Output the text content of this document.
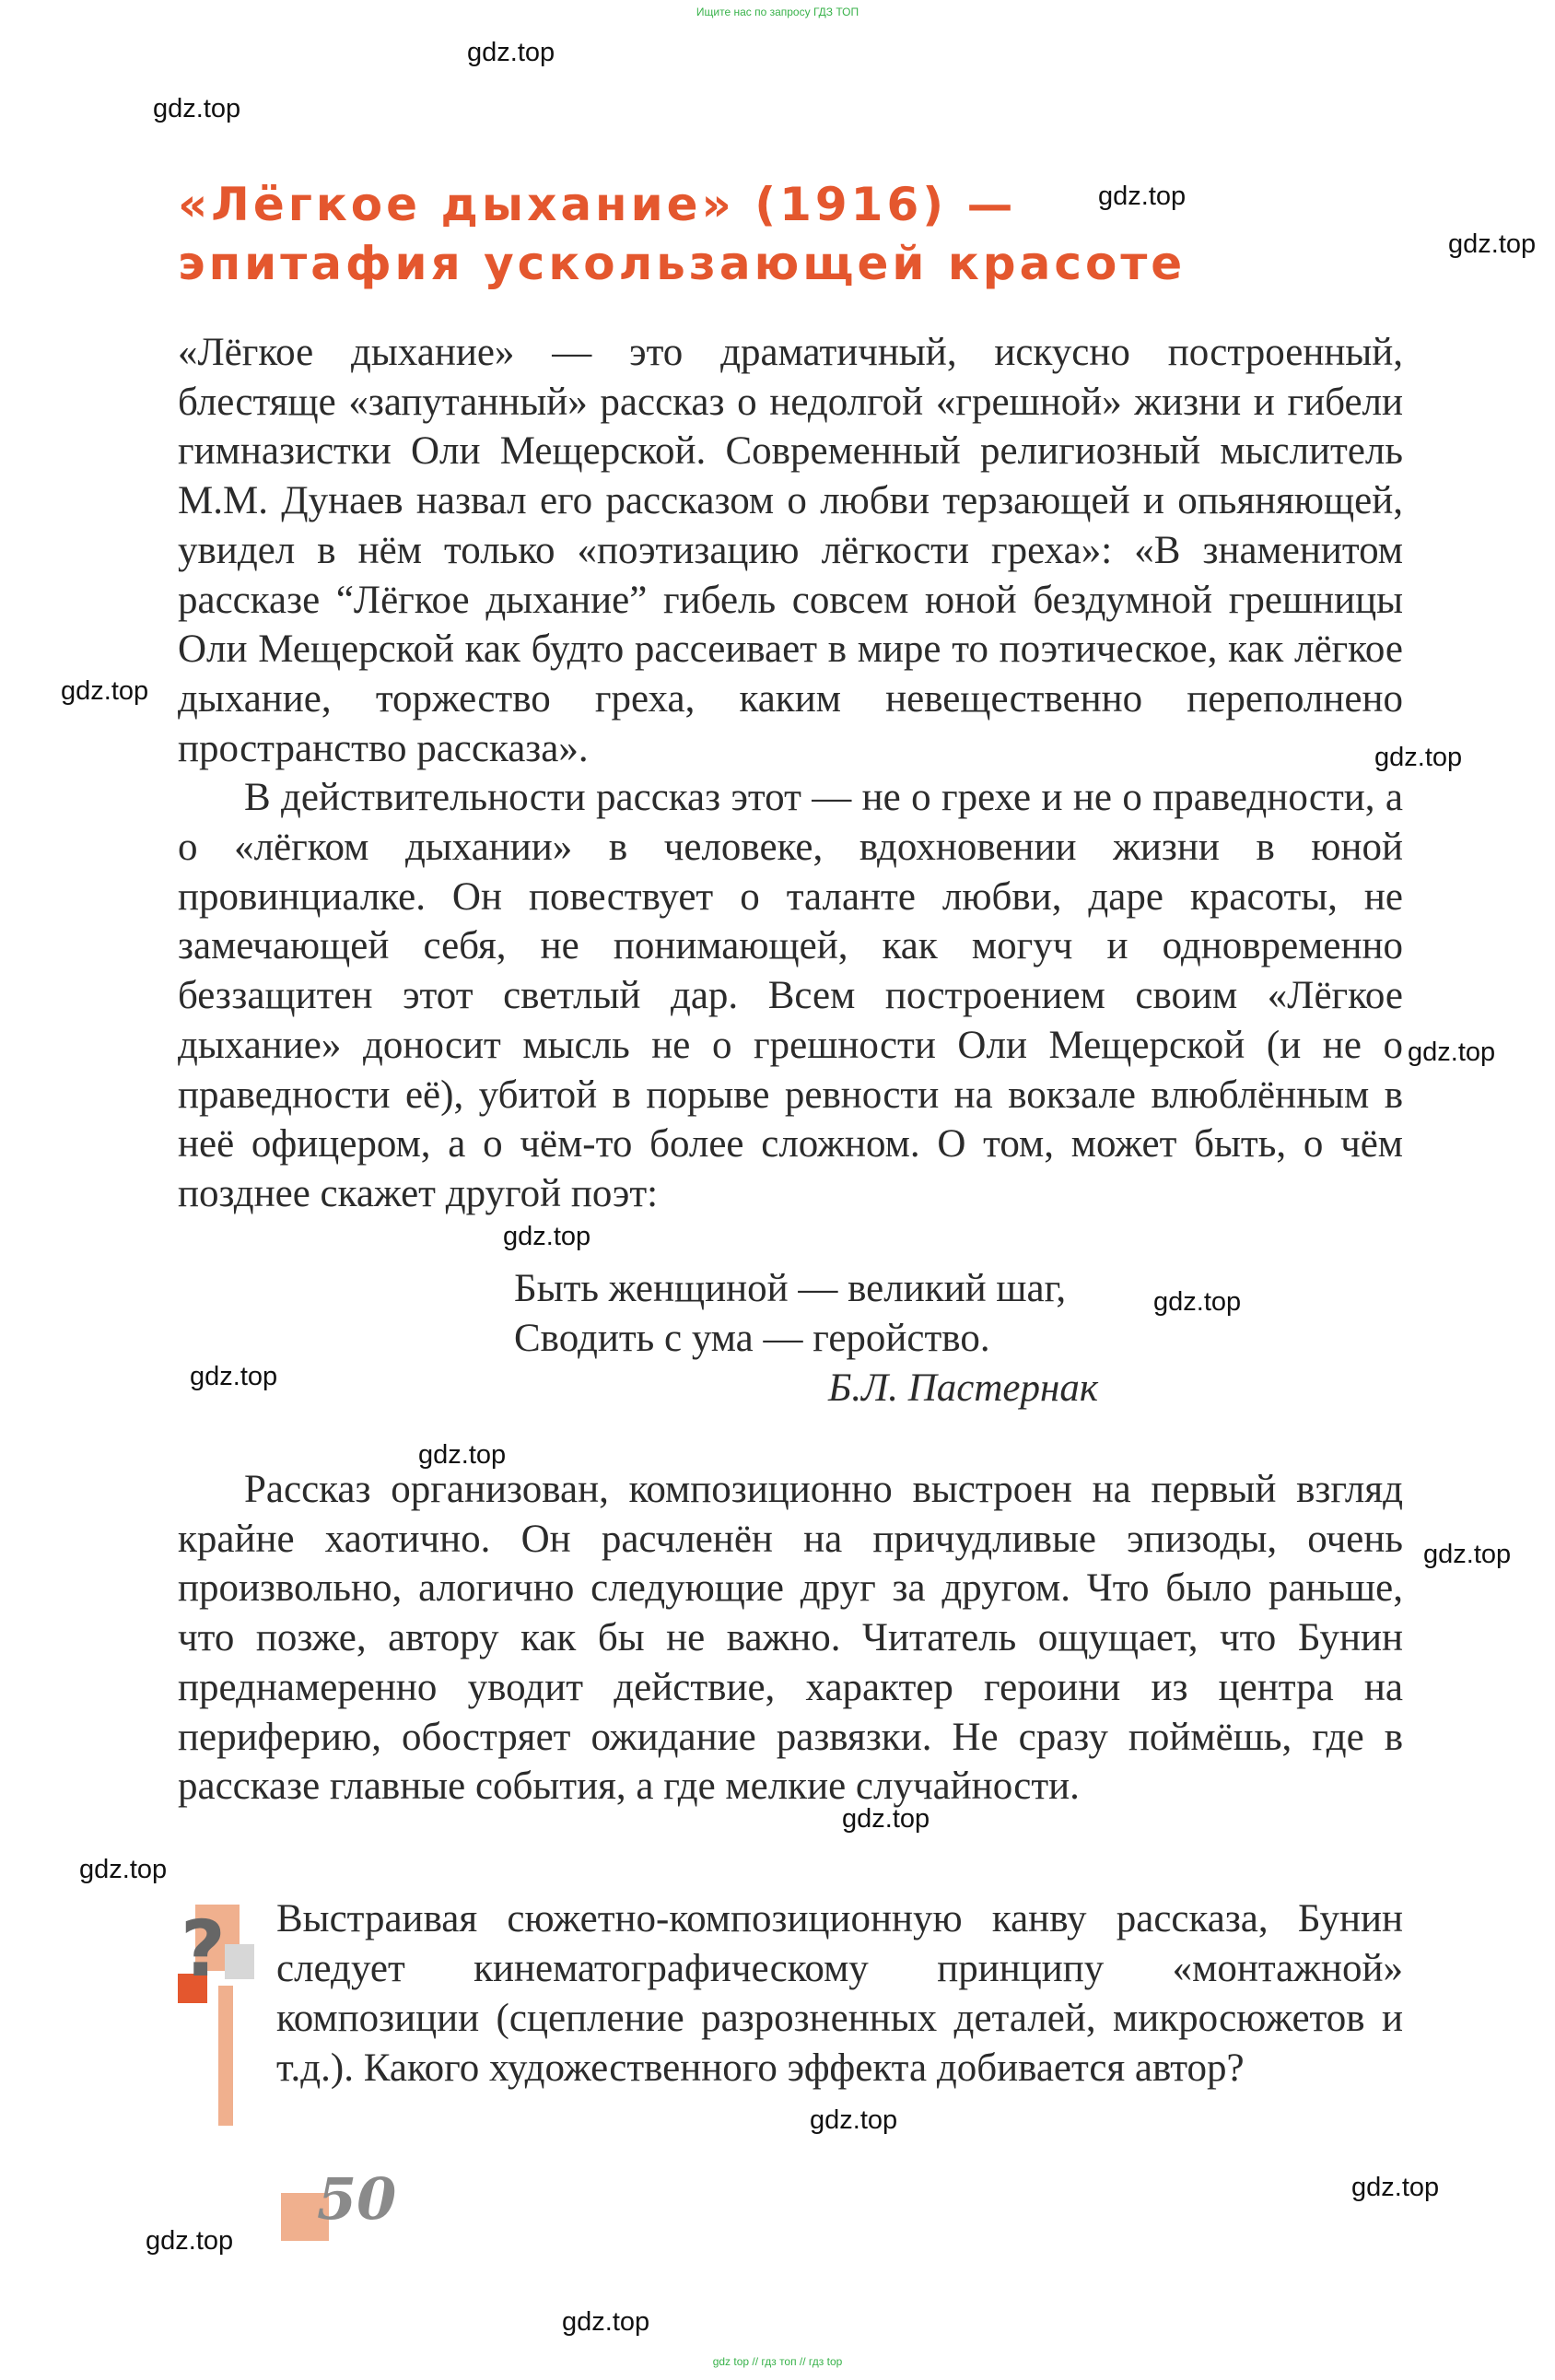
Ищите нас по запросу ГДЗ ТОП
«Лёгкое дыхание» (1916) —
эпитафия ускользающей красоте

«Лёгкое дыхание» — это драматичный, искусно построенный, блестяще «запутанный» рассказ о недолгой «грешной» жизни и гибели гимназистки Оли Мещерской. Современный религиозный мыслитель М.М. Дунаев назвал его рассказом о любви терзающей и опьяняющей, увидел в нём только «поэтизацию лёгкости греха»: «В знаменитом рассказе “Лёгкое дыхание” гибель совсем юной бездумной грешницы Оли Мещерской как будто рассеивает в мире то поэтическое, как лёгкое дыхание, торжество греха, каким невещественно переполнено пространство рассказа».

В действительности рассказ этот — не о грехе и не о праведности, а о «лёгком дыхании» в человеке, вдохновении жизни в юной провинциалке. Он повествует о таланте любви, даре красоты, не замечающей себя, не понимающей, как могуч и одновременно беззащитен этот светлый дар. Всем построением своим «Лёгкое дыхание» доносит мысль не о грешности Оли Мещерской (и не о праведности её), убитой в порыве ревности на вокзале влюблённым в неё офицером, а о чём-то более сложном. О том, может быть, о чём позднее скажет другой поэт:

Быть женщиной — великий шаг,
Сводить с ума — геройство.
Б.Л. Пастернак

Рассказ организован, композиционно выстроен на первый взгляд крайне хаотично. Он расчленён на причудливые эпизоды, очень произвольно, алогично следующие друг за другом. Что было раньше, что позже, автору как бы не важно. Читатель ощущает, что Бунин преднамеренно уводит действие, характер героини из центра на периферию, обостряет ожидание развязки. Не сразу поймёшь, где в рассказе главные события, а где мелкие случайности.

? Выстраивая сюжетно-композиционную канву рассказа, Бунин следует кинематографическому принципу «монтажной» композиции (сцепление разрозненных деталей, микросюжетов и т.д.). Какого художественного эффекта добивается автор?

50
gdz.top
gdz.top
gdz.top
gdz.top
gdz.top
gdz.top
gdz.top
gdz.top
gdz.top
gdz.top
gdz.top
gdz.top
gdz.top
gdz.top
gdz.top
gdz.top
gdz.top
gdz.top
gdz top // гдз топ // гдз top
